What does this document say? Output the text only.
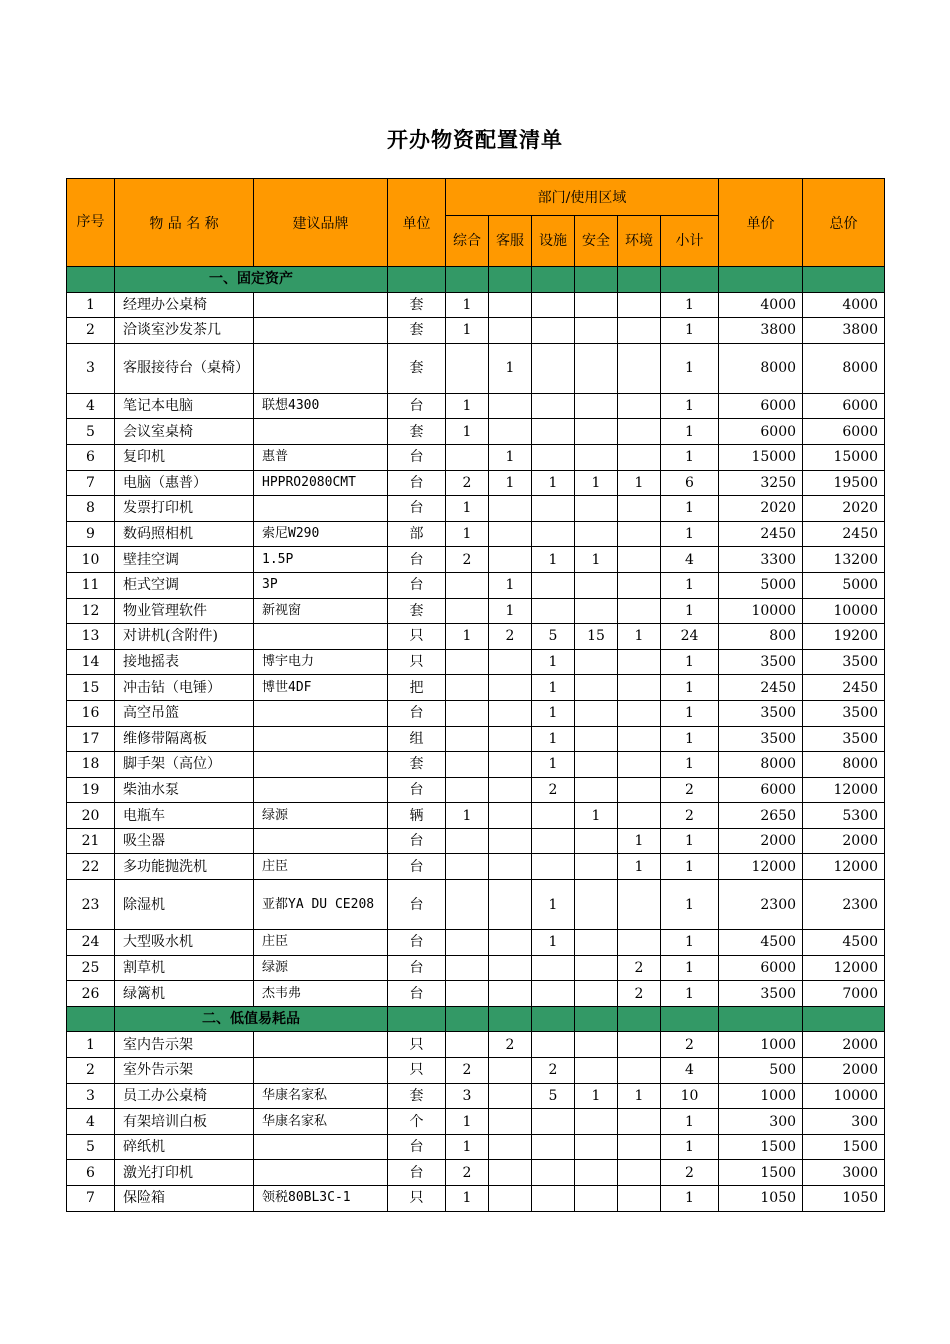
开办物资配置清单
序号	物 品 名 称	建议品牌	单位	部门/使用区域						单价	总价
				综合	客服	设施	安全	环境	小计		
	一、固定资产										
1	经理办公桌椅		套	1					1	4000	4000
2	洽谈室沙发茶几		套	1					1	3800	3800
3	客服接待台（桌椅）		套		1				1	8000	8000
4	笔记本电脑	联想4300	台	1					1	6000	6000
5	会议室桌椅		套	1					1	6000	6000
6	复印机	惠普	台		1				1	15000	15000
7	电脑（惠普）	HPPRO2080CMT	台	2	1	1	1	1	6	3250	19500
8	发票打印机		台	1					1	2020	2020
9	数码照相机	索尼W290	部	1					1	2450	2450
10	壁挂空调	1.5P	台	2		1	1		4	3300	13200
11	柜式空调	3P	台		1				1	5000	5000
12	物业管理软件	新视窗	套		1				1	10000	10000
13	对讲机(含附件)		只	1	2	5	15	1	24	800	19200
14	接地摇表	博宇电力	只			1			1	3500	3500
15	冲击钻（电锤）	博世4DF	把			1			1	2450	2450
16	高空吊篮		台			1			1	3500	3500
17	维修带隔离板		组			1			1	3500	3500
18	脚手架（高位）		套			1			1	8000	8000
19	柴油水泵		台			2			2	6000	12000
20	电瓶车	绿源	辆	1			1		2	2650	5300
21	吸尘器		台					1	1	2000	2000
22	多功能抛洗机	庄臣	台					1	1	12000	12000
23	除湿机	亚都YA DU CE208	台			1			1	2300	2300
24	大型吸水机	庄臣	台			1			1	4500	4500
25	割草机	绿源	台					2	1	6000	12000
26	绿篱机	杰韦弗	台					2	1	3500	7000
	二、低值易耗品										
1	室内告示架		只		2				2	1000	2000
2	室外告示架		只	2		2			4	500	2000
3	员工办公桌椅	华康名家私	套	3		5	1	1	10	1000	10000
4	有架培训白板	华康名家私	个	1					1	300	300
5	碎纸机		台	1					1	1500	1500
6	激光打印机		台	2					2	1500	3000
7	保险箱	领税80BL3C-1	只	1					1	1050	1050
